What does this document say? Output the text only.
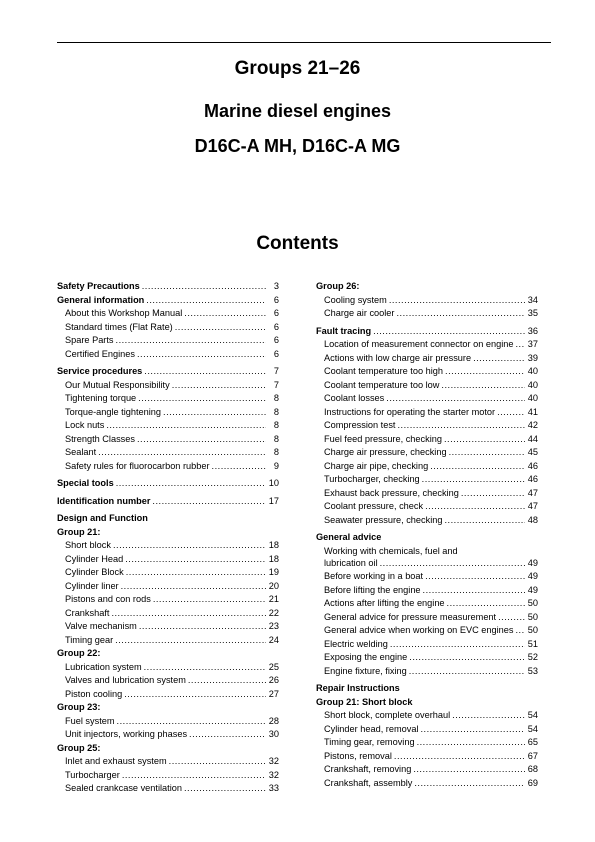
Groups 21–26
Marine diesel engines
D16C-A MH, D16C-A MG
Contents
Safety Precautions .....	3
General information .....	6
About this Workshop Manual .....	6
Standard times (Flat Rate) .....	6
Spare Parts .....	6
Certified Engines .....	6
Service procedures .....	7
Our Mutual Responsibility .....	7
Tightening torque .....	8
Torque-angle tightening .....	8
Lock nuts .....	8
Strength Classes .....	8
Sealant .....	8
Safety rules for fluorocarbon rubber .....	9
Special tools .....	10
Identification number .....	17
Design and Function
Group 21:
Short block .....	18
Cylinder Head .....	18
Cylinder Block .....	19
Cylinder liner .....	20
Pistons and con rods .....	21
Crankshaft .....	22
Valve mechanism .....	23
Timing gear .....	24
Group 22:
Lubrication system .....	25
Valves and lubrication system .....	26
Piston cooling .....	27
Group 23:
Fuel system .....	28
Unit injectors, working phases .....	30
Group 25:
Inlet and exhaust system .....	32
Turbocharger .....	32
Sealed crankcase ventilation .....	33
Group 26:
Cooling system .....	34
Charge air cooler .....	35
Fault tracing .....	36
Location of measurement connector on engine ..... 37
Actions with low charge air pressure .....	39
Coolant temperature too high .....	40
Coolant temperature too low .....	40
Coolant losses .....	40
Instructions for operating the starter motor .....	41
Compression test .....	42
Fuel feed pressure, checking .....	44
Charge air pressure, checking .....	45
Charge air pipe, checking .....	46
Turbocharger, checking .....	46
Exhaust back pressure, checking .....	47
Coolant pressure, check .....	47
Seawater pressure, checking .....	48
General advice
Working with chemicals, fuel and
lubrication oil .....	49
Before working in a boat .....	49
Before lifting the engine .....	49
Actions after lifting the engine .....	50
General advice for pressure measurement .....	50
General advice when working on EVC engines ..... 50
Electric welding .....	51
Exposing the engine .....	52
Engine fixture, fixing .....	53
Repair Instructions
Group 21: Short block
Short block, complete overhaul .....	54
Cylinder head, removal .....	54
Timing gear, removing .....	65
Pistons, removal .....	67
Crankshaft, removing .....	68
Crankshaft, assembly .....	69
